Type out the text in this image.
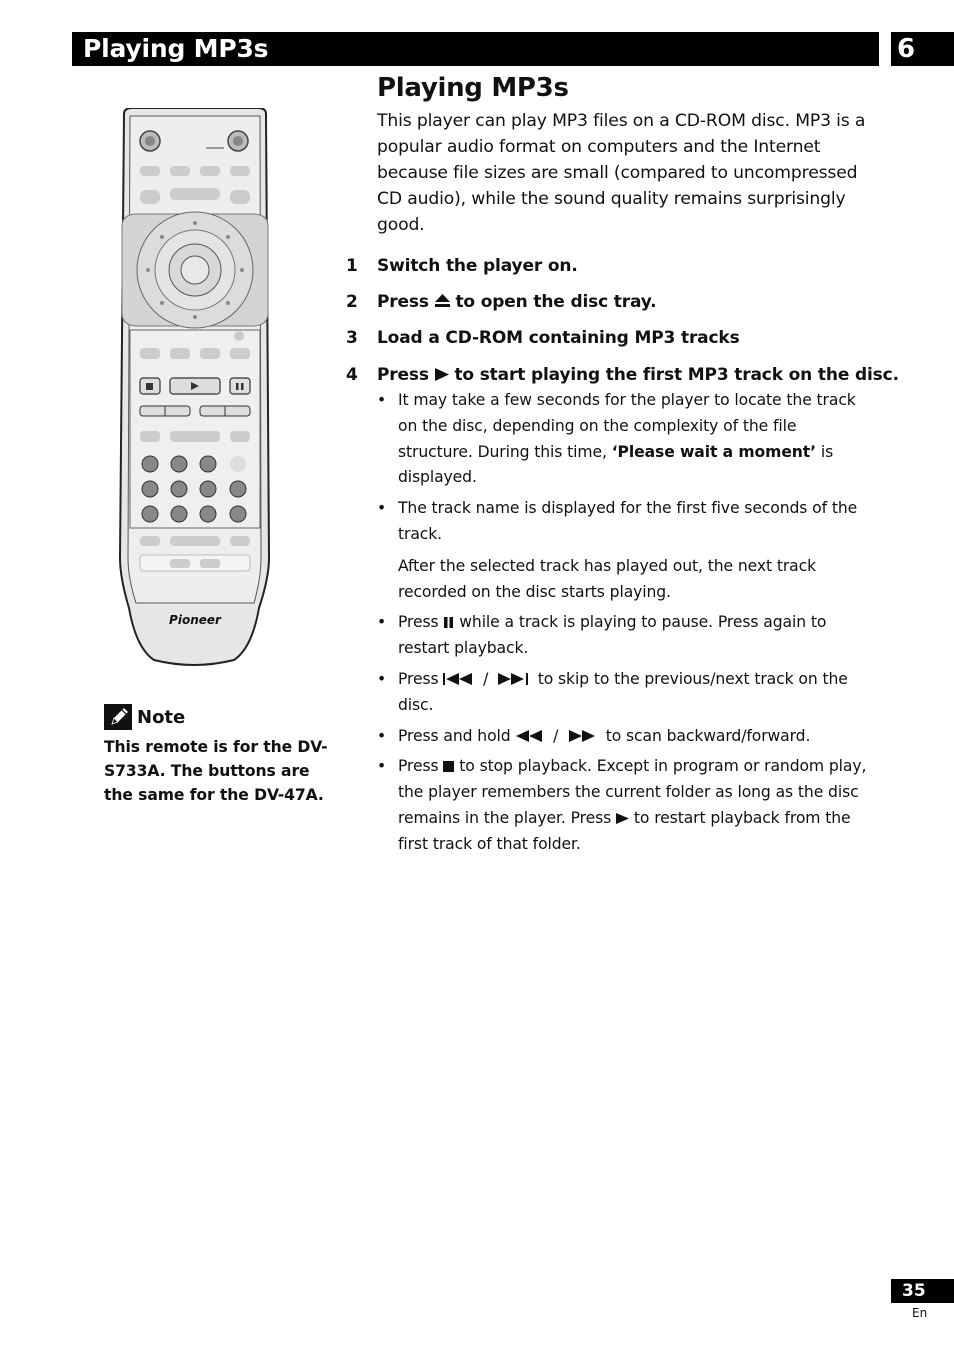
Playing MP3s	6
Playing MP3s
This player can play MP3 files on a CD-ROM disc. MP3 is a popular audio format on computers and the Internet because file sizes are small (compared to uncompressed CD audio), while the sound quality remains surprisingly good.
1 Switch the player on.
2 Press to open the disc tray.
3 Load a CD-ROM containing MP3 tracks
4 Press to start playing the first MP3 track on the disc.
• It may take a few seconds for the player to locate the track on the disc, depending on the complexity of the file structure. During this time, ‘Please wait a moment’ is displayed.

• The track name is displayed for the first five seconds of the track.

After the selected track has played out, the next track recorded on the disc starts playing.

• Press while a track is playing to pause. Press again to restart playback.

• Press	/	to skip to the previous/next track on the disc.

• Press and hold	/	to scan backward/forward.

• Press to stop playback. Except in program or random play, the player remembers the current folder as long as the disc remains in the player. Press to restart playback from the first track of that folder.

Pioneer
Note
This remote is for the DV-S733A. The buttons are the same for the DV-47A.
35
En
